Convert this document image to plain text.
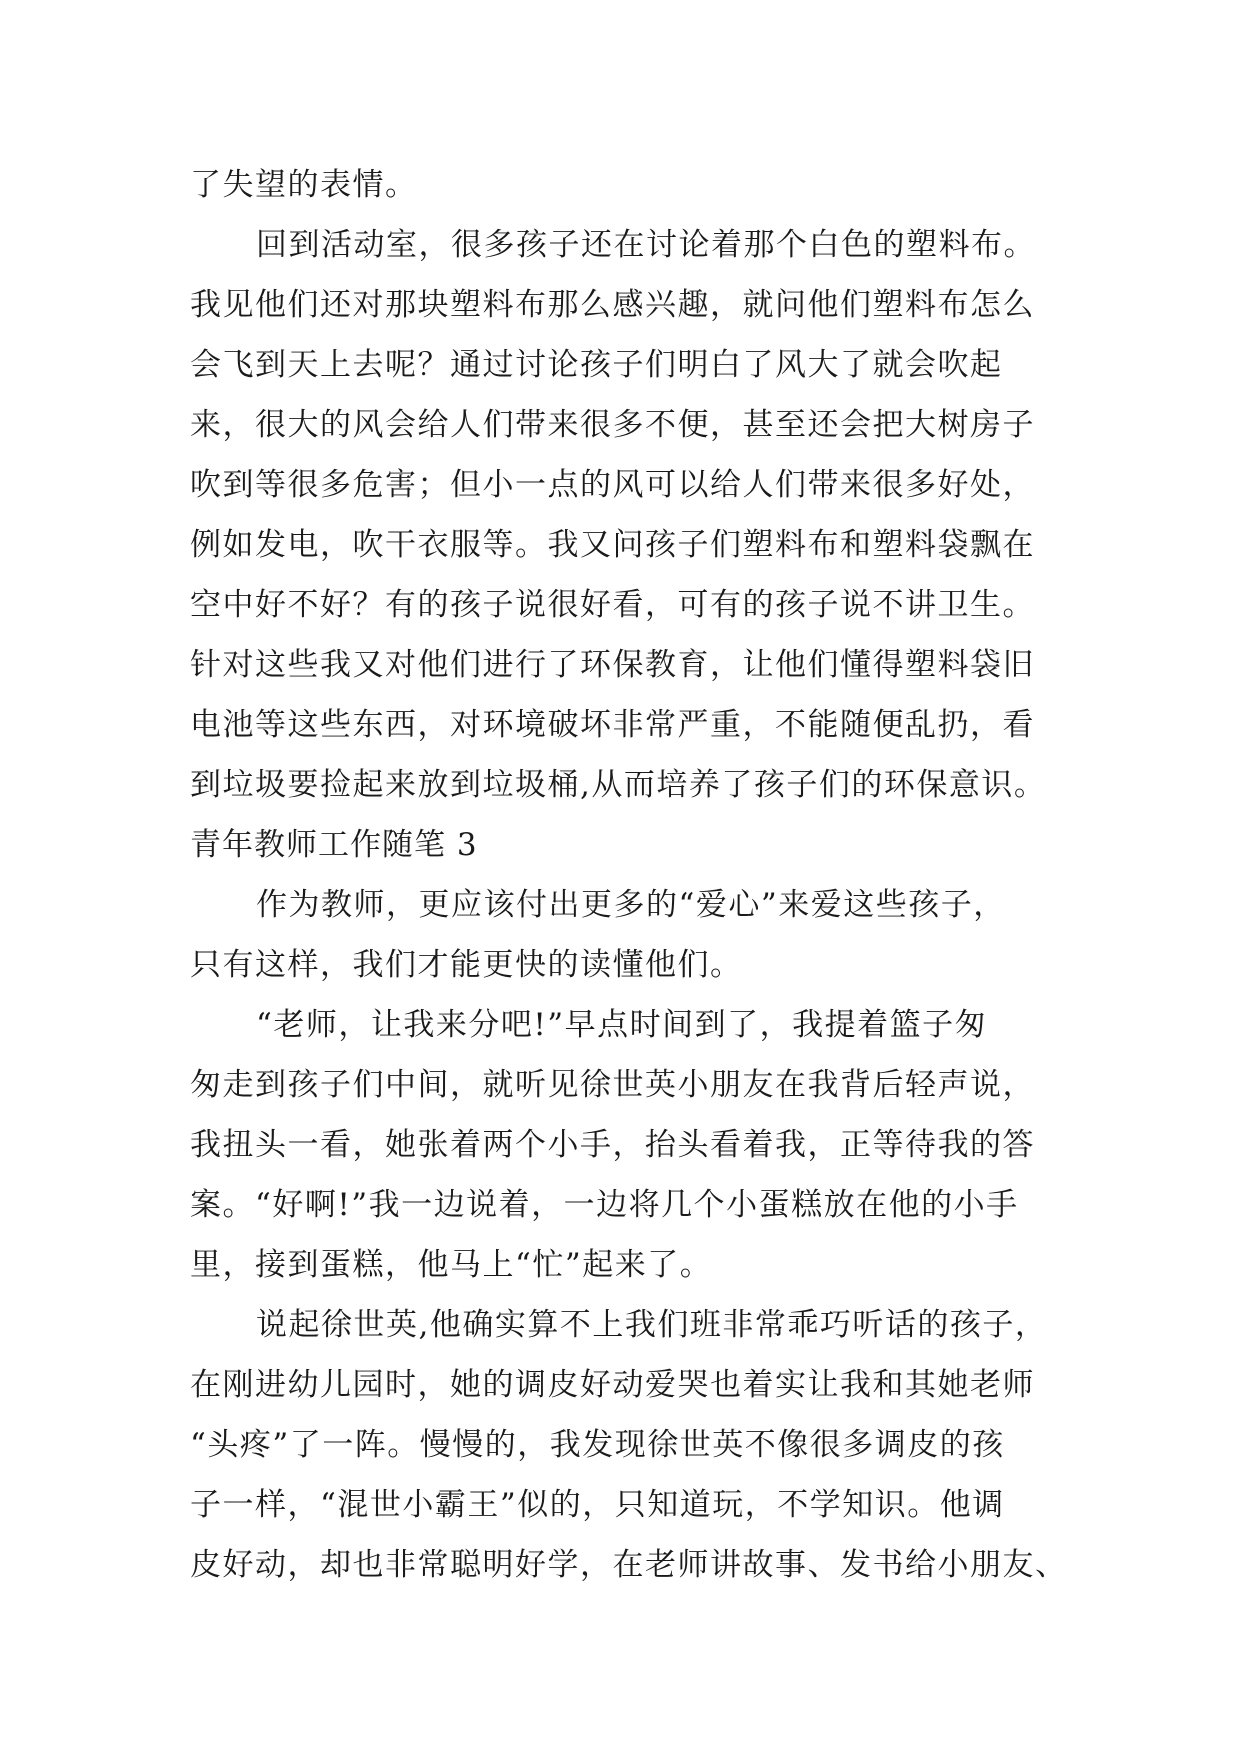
了失望的表情。
回到活动室，很多孩子还在讨论着那个白色的塑料布。
我见他们还对那块塑料布那么感兴趣，就问他们塑料布怎么
会飞到天上去呢？通过讨论孩子们明白了风大了就会吹起
来，很大的风会给人们带来很多不便，甚至还会把大树房子
吹到等很多危害；但小一点的风可以给人们带来很多好处，
例如发电，吹干衣服等。我又问孩子们塑料布和塑料袋飘在
空中好不好？有的孩子说很好看，可有的孩子说不讲卫生。
针对这些我又对他们进行了环保教育，让他们懂得塑料袋旧
电池等这些东西，对环境破坏非常严重，不能随便乱扔，看
到垃圾要捡起来放到垃圾桶,从而培养了孩子们的环保意识。
青年教师工作随笔 3
作为教师，更应该付出更多的“爱心”来爱这些孩子，
只有这样，我们才能更快的读懂他们。
“老师，让我来分吧!”早点时间到了，我提着篮子匆
匆走到孩子们中间，就听见徐世英小朋友在我背后轻声说，
我扭头一看，她张着两个小手，抬头看着我，正等待我的答
案。“好啊!”我一边说着，一边将几个小蛋糕放在他的小手
里，接到蛋糕，他马上“忙”起来了。
说起徐世英,他确实算不上我们班非常乖巧听话的孩子，
在刚进幼儿园时，她的调皮好动爱哭也着实让我和其她老师
“头疼”了一阵。慢慢的，我发现徐世英不像很多调皮的孩
子一样，“混世小霸王”似的，只知道玩，不学知识。他调
皮好动，却也非常聪明好学，在老师讲故事、发书给小朋友、
